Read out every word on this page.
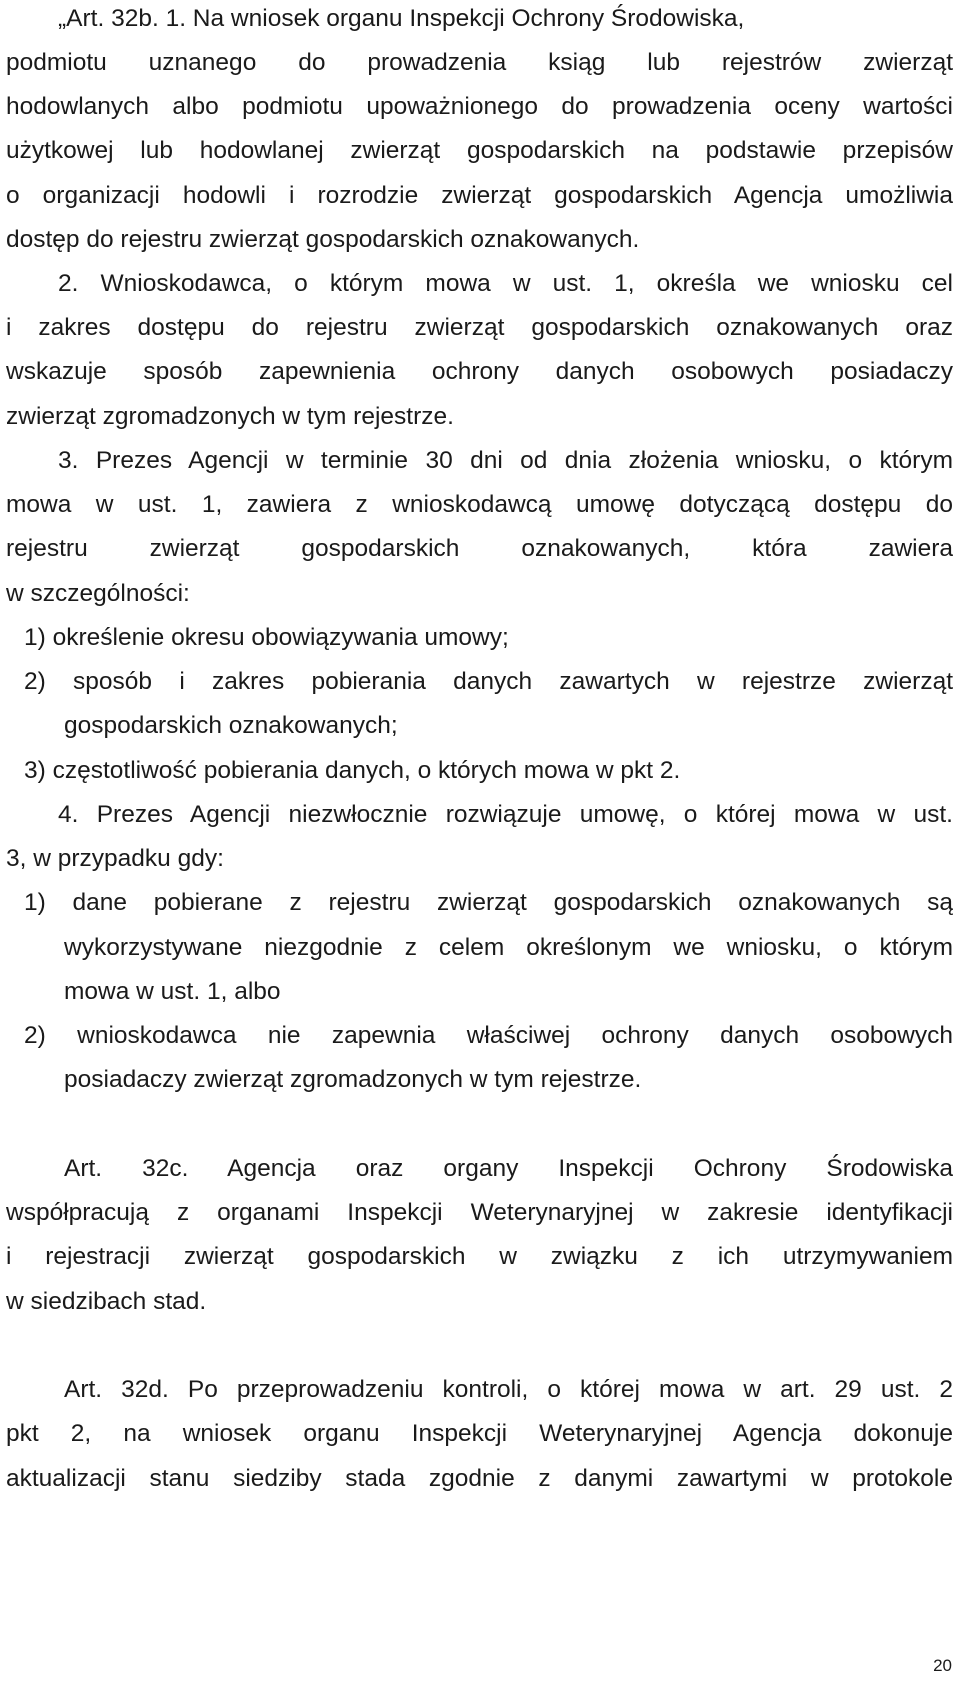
„Art. 32b. 1. Na wniosek organu Inspekcji Ochrony Środowiska,
podmiotu uznanego do prowadzenia ksiąg lub rejestrów zwierząt
hodowlanych albo podmiotu upoważnionego do prowadzenia oceny wartości
użytkowej lub hodowlanej zwierząt gospodarskich na podstawie przepisów
o organizacji hodowli i rozrodzie zwierząt gospodarskich Agencja umożliwia
dostęp do rejestru zwierząt gospodarskich oznakowanych.
2. Wnioskodawca, o którym mowa w ust. 1, określa we wniosku cel
i zakres dostępu do rejestru zwierząt gospodarskich oznakowanych oraz
wskazuje sposób zapewnienia ochrony danych osobowych posiadaczy
zwierząt zgromadzonych w tym rejestrze.
3. Prezes Agencji w terminie 30 dni od dnia złożenia wniosku, o którym
mowa w ust. 1, zawiera z wnioskodawcą umowę dotyczącą dostępu do
rejestru zwierząt gospodarskich oznakowanych, która zawiera
w szczególności:
1) określenie okresu obowiązywania umowy;
2) sposób i zakres pobierania danych zawartych w rejestrze zwierząt
gospodarskich oznakowanych;
3) częstotliwość pobierania danych, o których mowa w pkt 2.
4. Prezes Agencji niezwłocznie rozwiązuje umowę, o której mowa w ust.
3, w przypadku gdy:
1) dane pobierane z rejestru zwierząt gospodarskich oznakowanych są
wykorzystywane niezgodnie z celem określonym we wniosku, o którym
mowa w ust. 1, albo
2) wnioskodawca nie zapewnia właściwej ochrony danych osobowych
posiadaczy zwierząt zgromadzonych w tym rejestrze.
Art. 32c. Agencja oraz organy Inspekcji Ochrony Środowiska
współpracują z organami Inspekcji Weterynaryjnej w zakresie identyfikacji
i rejestracji zwierząt gospodarskich w związku z ich utrzymywaniem
w siedzibach stad.
Art. 32d. Po przeprowadzeniu kontroli, o której mowa w art. 29 ust. 2
pkt 2, na wniosek organu Inspekcji Weterynaryjnej Agencja dokonuje
aktualizacji stanu siedziby stada zgodnie z danymi zawartymi w protokole
20
